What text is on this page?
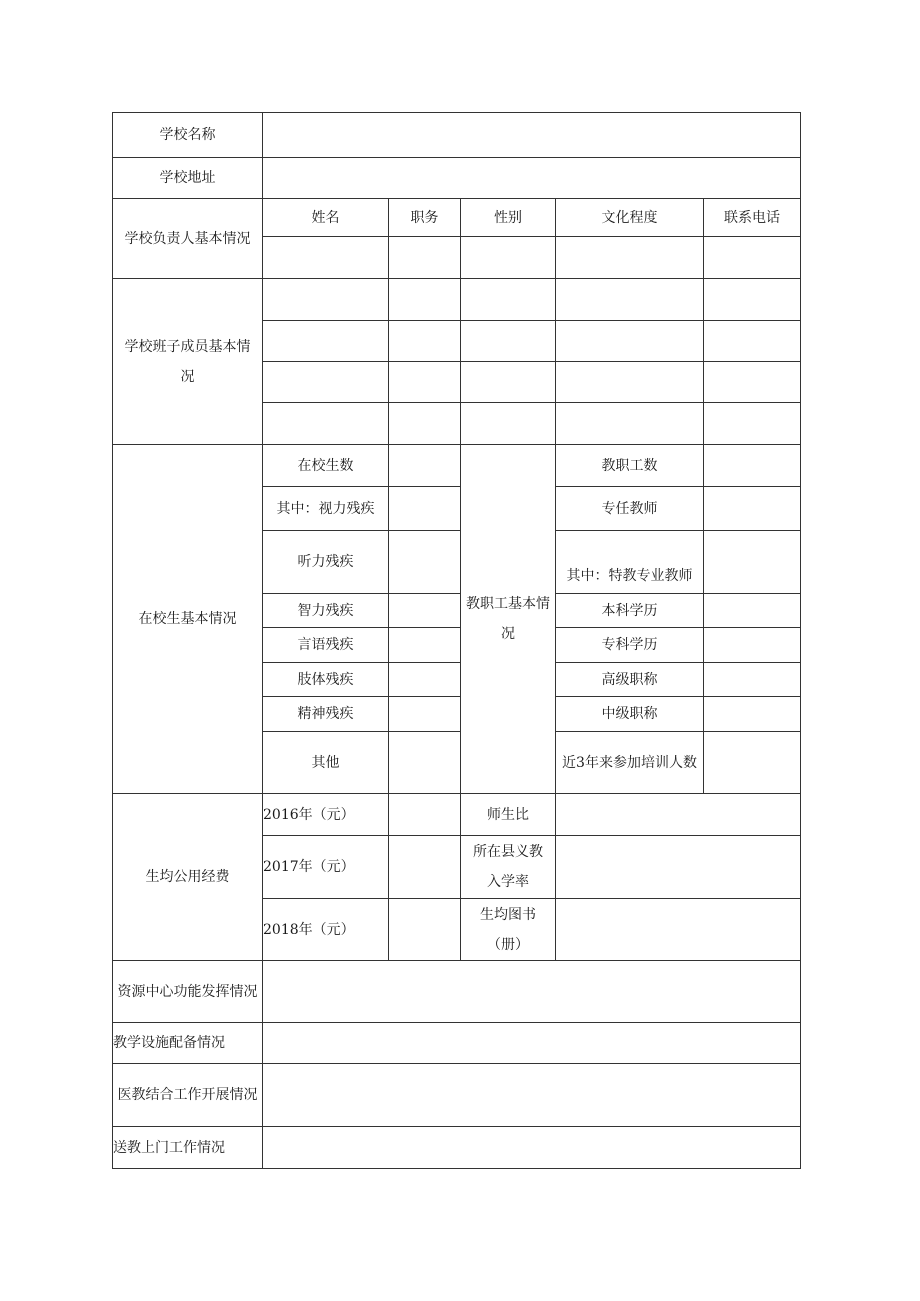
学校名称					
学校地址					
学校负责人基本情况	姓名	职务	性别	文化程度	联系电话

学校班子成员基本情况					

在校生基本情况	在校生数		教职工基本情况	教职工数	
	其中：视力残疾			专任教师	
	听力残疾			其中：特教专业教师	
	智力残疾			本科学历	
	言语残疾			专科学历	
	肢体残疾			高级职称	
	精神残疾			中级职称	
	其他			近3年来参加培训人数	
生均公用经费	2016年（元）		师生比		
	2017年（元）		所在县义教入学率		
	2018年（元）		生均图书（册）		
资源中心功能发挥情况					
教学设施配备情况					
医教结合工作开展情况					
送教上门工作情况					
